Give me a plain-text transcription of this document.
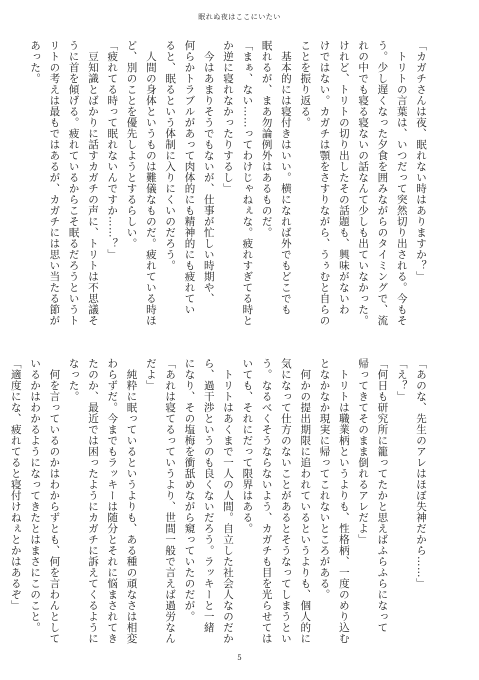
眠れぬ夜はここにいたい
「カガチさんは夜、眠れない時はありますか？」
　トリトの言葉は、いつだって突然切り出される。今もそ
う。少し遅くなった夕食を囲みながらのタイミングで、流
れの中でも寝る寝ないの話なんて少しも出ていなかった。
けれど、トリトの切り出したその話題も、興味がないわ
けではない。カガチは顎をさすりながら、うぅむと自らの
ことを振り返る。
　基本的には寝付きはいい。横になれば外でもどこでも
眠れるが、まあ勿論例外はあるものだ。
「まぁ、ない……ってわけじゃねぇな。疲れすぎてる時と
か逆に寝れなかったりするし」
　今はあまりそうでもないが、仕事が忙しい時期や、
何らかトラブルがあって肉体的にも精神的にも疲れてい
ると、眠るという体制に入りにくいのだろう。
　人間の身体というものは難儀なものだ。疲れている時ほ
ど、別のことを優先しようとするらしい。
「疲れてる時って眠れないんですか……？」
　豆知識とばかりに話すカガチの声に、トリトは不思議そ
うに首を傾げる。疲れているからこそ眠るだろうというト
リトの考えは最もではあるが、カガチには思い当たる節が
あった。
「あのな、先生のアレはほぼ失神だから……」
「え？」
「何日も研究所に籠ってたかと思えばふらふらになって
帰ってきてそのまま倒れるアレだよ」
　トリトは職業柄というよりも、性格柄、一度のめり込む
となかなか現実に帰ってこれないところがある。
　何かの提出期限に追われているというよりも、個人的に
気になって仕方のないことがあるとそうなってしまうとい
う。なるべくそうならないよう、カガチも目を光らせては
いても、それにだって限界はある。
　トリトはあくまで一人の人間。自立した社会人なのだか
ら、過干渉というのも良くないだろう。ラッキーと一緒
になり、その塩梅を衝舐めながら窺っていたのだが。
「あれは寝てるっていうより、世間一般で言えば過労なん
だよ」
　純粋に眠っているというよりも、ある種の頑なさは相変
わらずだ。今までもラッキーは随分とそれに悩まされてき
たのか、最近では困ったようにカガチに訴えてくるように
なった。
　何を言っているのかはわからずとも、何を言わんとして
いるかはわかるようになってきたとはまさにこのこと。
「適度にな、疲れてると寝付けねぇとかはあるぞ」
5
